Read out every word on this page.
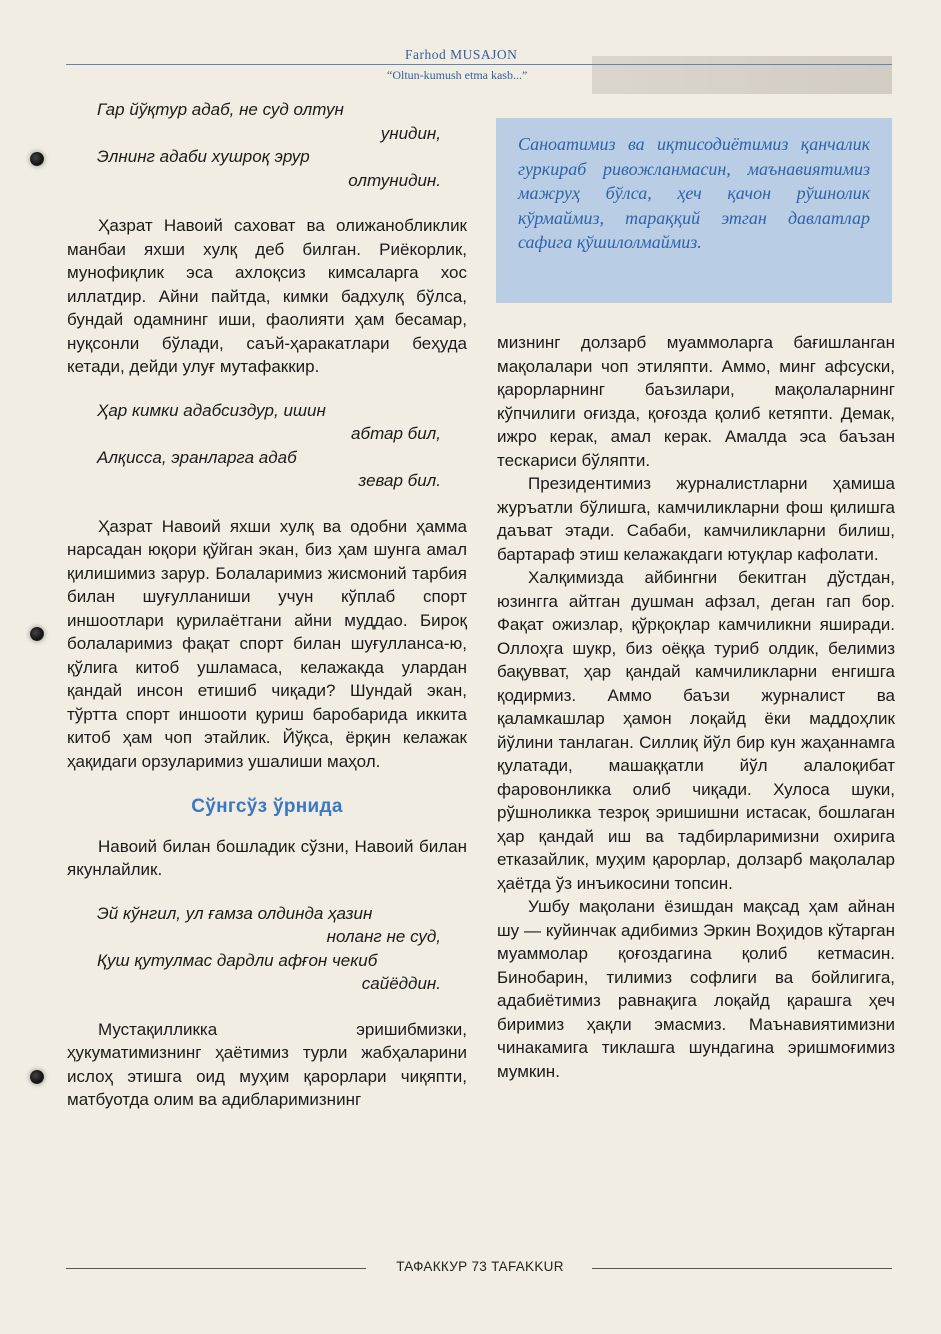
Farhod MUSAJON
“Oltun-kumush etma kasb...”
Саноатимиз ва иқтисодиётимиз қанчалик гуркираб ривожланмасин, маънавиятимиз мажруҳ бўлса, ҳеч қачон рўшнолик кўрмаймиз, тараққий этган давлатлар сафига қўшилолмаймиз.
Гар йўқтур адаб, не суд олтун
унидин,
Элнинг адаби хушроқ эрур
олтунидин.

Ҳазрат Навоий саховат ва олижанобликлик манбаи яхши хулқ деб билган. Риёкорлик, мунофиқлик эса ахлоқсиз кимсаларга хос иллатдир. Айни пайтда, кимки бадхулқ бўлса, бундай одамнинг иши, фаолияти ҳам бесамар, нуқсонли бўлади, саъй-ҳаракатлари беҳуда кетади, дейди улуғ мутафаккир.

Ҳар кимки адабсиздур, ишин
абтар бил,
Алқисса, эранларга адаб
зевар бил.

Ҳазрат Навоий яхши хулқ ва одобни ҳамма нарсадан юқори қўйган экан, биз ҳам шунга амал қилишимиз зарур. Болаларимиз жисмоний тарбия билан шуғулланиши учун кўплаб спорт иншоотлари қурилаётгани айни муддао. Бироқ болаларимиз фақат спорт билан шуғулланса-ю, қўлига китоб ушламаса, келажакда улардан қандай инсон етишиб чиқади? Шундай экан, тўртта спорт иншооти қуриш баробарида иккита китоб ҳам чоп этайлик. Йўқса, ёрқин келажак ҳақидаги орзуларимиз ушалиши маҳол.

Сўнгсўз ўрнида

Навоий билан бошладик сўзни, Навоий билан якунлайлик.

Эй кўнгил, ул ғамза олдинда ҳазин
ноланг не суд,
Қуш қутулмас дардли афғон чекиб
сайёддин.

Мустақилликка эришибмизки, ҳукуматимизнинг ҳаётимиз турли жабҳаларини ислоҳ этишга оид муҳим қарорлари чиқяпти, матбуотда олим ва адибларимизнинг

мизнинг долзарб муаммоларга бағишланган мақолалари чоп этиляпти. Аммо, минг афсуски, қарорларнинг баъзилари, мақолаларнинг кўпчилиги оғизда, қоғозда қолиб кетяпти. Демак, ижро керак, амал керак. Амалда эса баъзан тескариси бўляпти.

Президентимиз журналистларни ҳамиша журъатли бўлишга, камчиликларни фош қилишга даъват этади. Сабаби, камчиликларни билиш, бартараф этиш келажакдаги ютуқлар кафолати.

Халқимизда айбингни бекитган дўстдан, юзингга айтган душман афзал, деган гап бор. Фақат ожизлар, қўрқоқлар камчиликни яширади. Оллоҳга шукр, биз оёққа туриб олдик, белимиз бақувват, ҳар қандай камчиликларни енгишга қодирмиз. Аммо баъзи журналист ва қаламкашлар ҳамон лоқайд ёки маддоҳлик йўлини танлаган. Силлиқ йўл бир кун жаҳаннамга қулатади, машаққатли йўл алалоқибат фаровонликка олиб чиқади. Хулоса шуки, рўшноликка тезроқ эришишни истасак, бошлаган ҳар қандай иш ва тадбирларимизни охирига етказайлик, муҳим қарорлар, долзарб мақолалар ҳаётда ўз инъикосини топсин.

Ушбу мақолани ёзишдан мақсад ҳам айнан шу — куйинчак адибимиз Эркин Воҳидов кўтарган муаммолар қоғоздагина қолиб кетмасин. Бинобарин, тилимиз софлиги ва бойлигига, адабиётимиз равнақига лоқайд қарашга ҳеч биримиз ҳақли эмасмиз. Маънавиятимизни чинакамига тиклашга шундагина эришмоғимиз мумкин.

ТАФАККУР 73 TAFAKKUR
